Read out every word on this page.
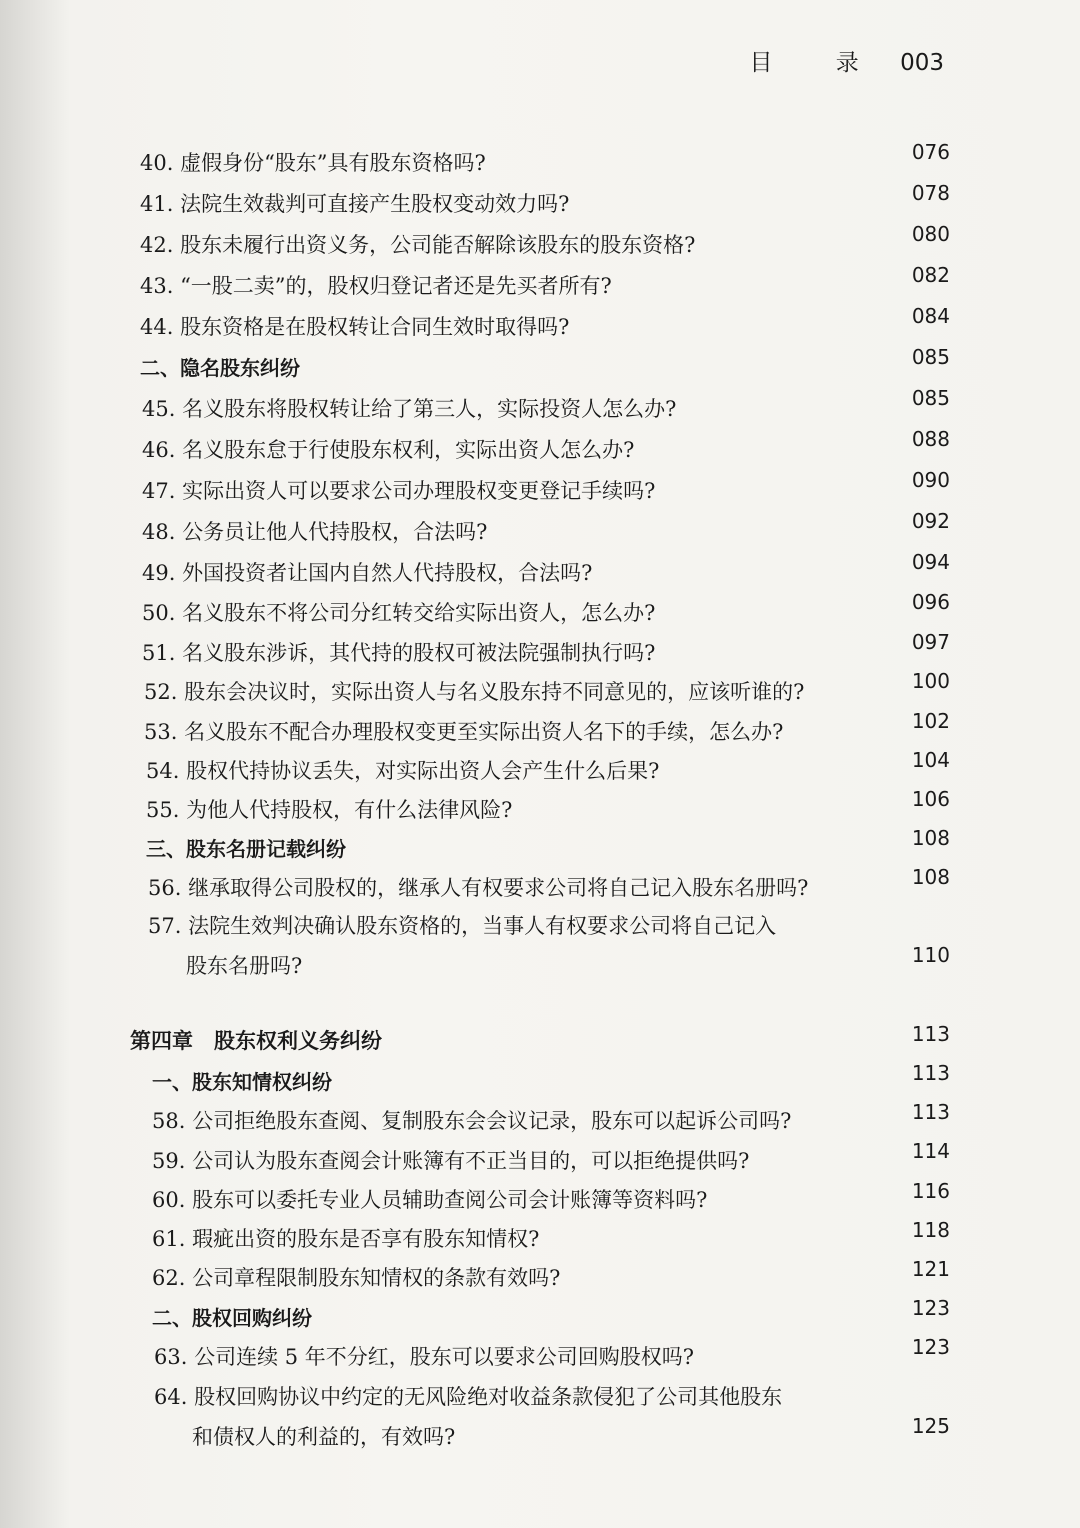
目 录 003
40. 虚假身份“股东”具有股东资格吗?	076
41. 法院生效裁判可直接产生股权变动效力吗?	078
42. 股东未履行出资义务，公司能否解除该股东的股东资格?	080
43. “一股二卖”的，股权归登记者还是先买者所有?	082
44. 股东资格是在股权转让合同生效时取得吗?	084
二、隐名股东纠纷	085
45. 名义股东将股权转让给了第三人，实际投资人怎么办?	085
46. 名义股东怠于行使股东权利，实际出资人怎么办?	088
47. 实际出资人可以要求公司办理股权变更登记手续吗?	090
48. 公务员让他人代持股权，合法吗?	092
49. 外国投资者让国内自然人代持股权，合法吗?	094
50. 名义股东不将公司分红转交给实际出资人，怎么办?	096
51. 名义股东涉诉，其代持的股权可被法院强制执行吗?	097
52. 股东会决议时，实际出资人与名义股东持不同意见的，应该听谁的?	100
53. 名义股东不配合办理股权变更至实际出资人名下的手续，怎么办?	102
54. 股权代持协议丢失，对实际出资人会产生什么后果?	104
55. 为他人代持股权，有什么法律风险?	106
三、股东名册记载纠纷	108
56. 继承取得公司股权的，继承人有权要求公司将自己记入股东名册吗?	108
57. 法院生效判决确认股东资格的，当事人有权要求公司将自己记入
股东名册吗?	110
第四章　股东权利义务纠纷	113
一、股东知情权纠纷	113
58. 公司拒绝股东查阅、复制股东会会议记录，股东可以起诉公司吗?	113
59. 公司认为股东查阅会计账簿有不正当目的，可以拒绝提供吗?	114
60. 股东可以委托专业人员辅助查阅公司会计账簿等资料吗?	116
61. 瑕疵出资的股东是否享有股东知情权?	118
62. 公司章程限制股东知情权的条款有效吗?	121
二、股权回购纠纷	123
63. 公司连续 5 年不分红，股东可以要求公司回购股权吗?	123
64. 股权回购协议中约定的无风险绝对收益条款侵犯了公司其他股东
和债权人的利益的，有效吗?	125
